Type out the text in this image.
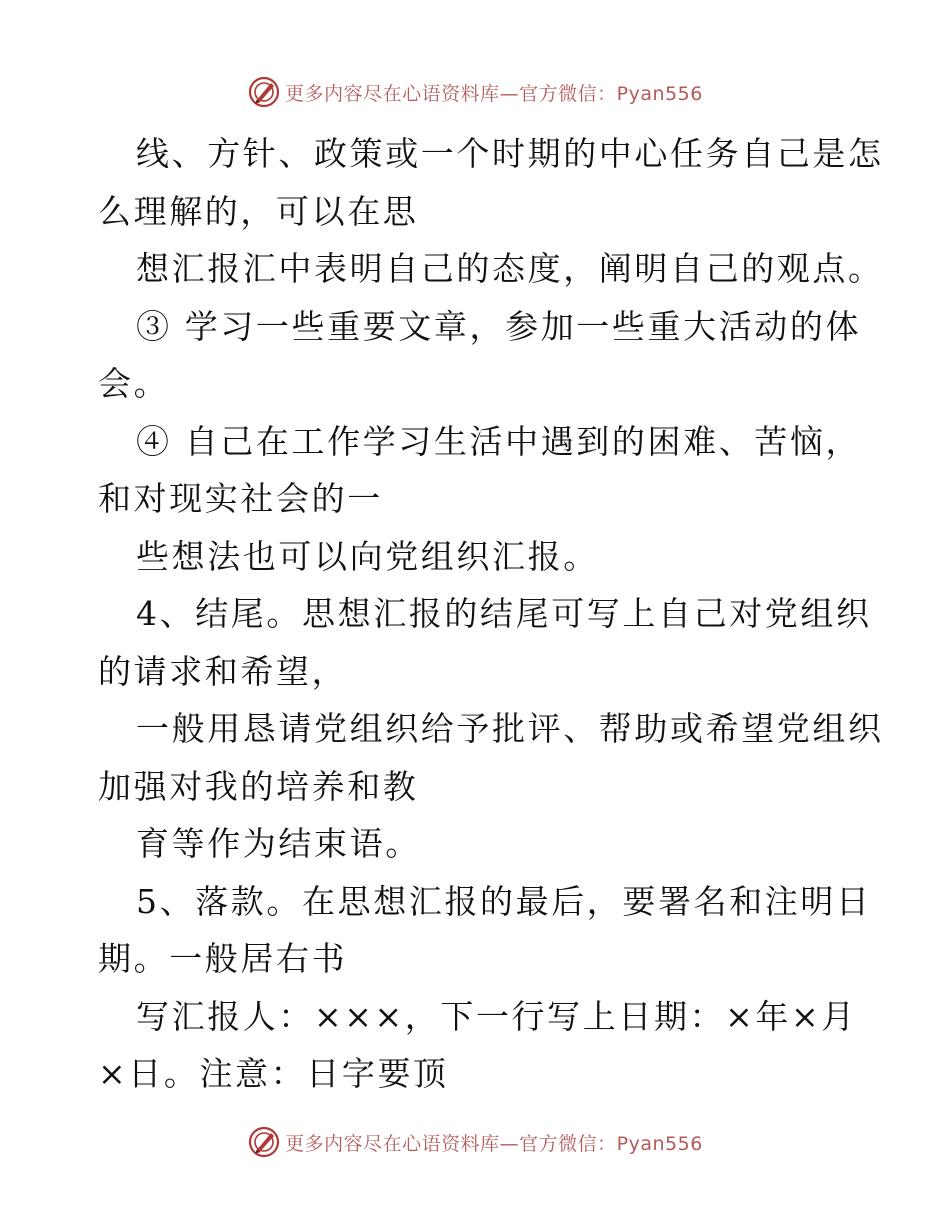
更多内容尽在心语资料库—官方微信：Pyan556
线、方针、政策或一个时期的中心任务自己是怎
么理解的，可以在思
想汇报汇中表明自己的态度，阐明自己的观点。
③ 学习一些重要文章，参加一些重大活动的体
会。
④ 自己在工作学习生活中遇到的困难、苦恼，
和对现实社会的一
些想法也可以向党组织汇报。
4、结尾。思想汇报的结尾可写上自己对党组织
的请求和希望，
一般用恳请党组织给予批评、帮助或希望党组织
加强对我的培养和教
育等作为结束语。
5、落款。在思想汇报的最后，要署名和注明日
期。一般居右书
写汇报人：×××，下一行写上日期：×年×月
×日。注意：日字要顶
更多内容尽在心语资料库—官方微信：Pyan556
